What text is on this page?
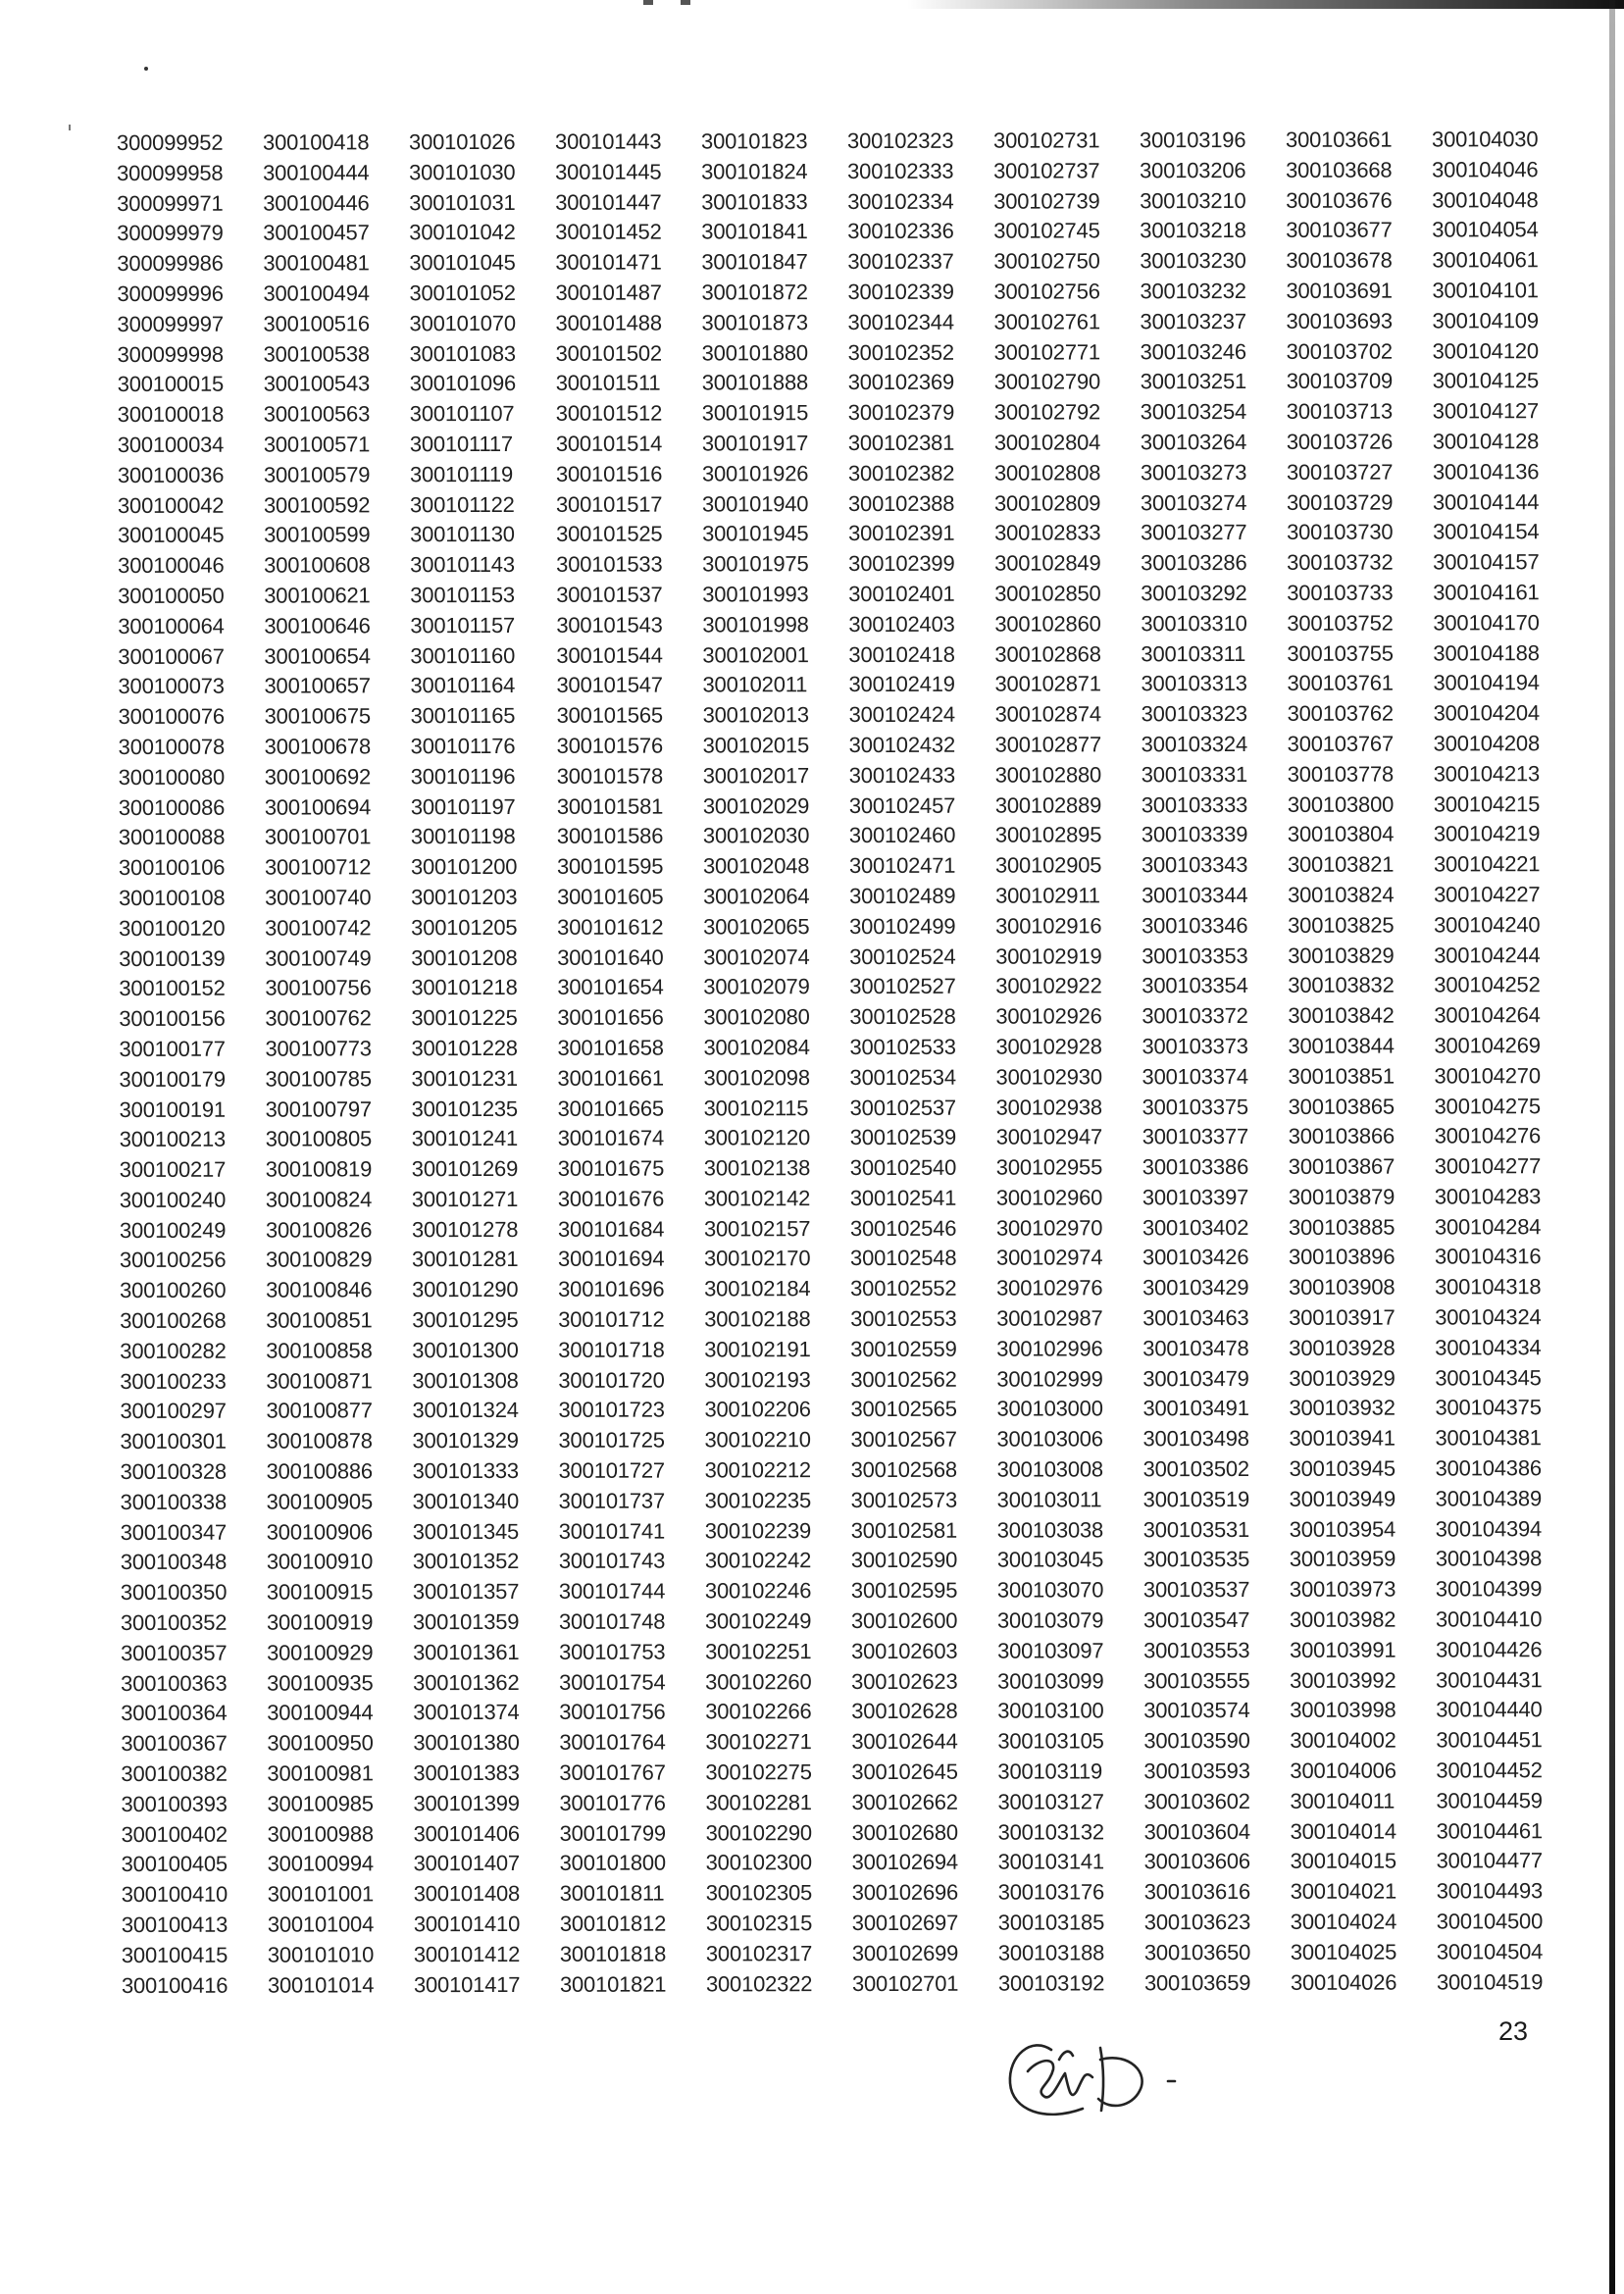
300099952
300099958
300099971
300099979
300099986
300099996
300099997
300099998
300100015
300100018
300100034
300100036
300100042
300100045
300100046
300100050
300100064
300100067
300100073
300100076
300100078
300100080
300100086
300100088
300100106
300100108
300100120
300100139
300100152
300100156
300100177
300100179
300100191
300100213
300100217
300100240
300100249
300100256
300100260
300100268
300100282
300100233
300100297
300100301
300100328
300100338
300100347
300100348
300100350
300100352
300100357
300100363
300100364
300100367
300100382
300100393
300100402
300100405
300100410
300100413
300100415
300100416
300100418
300100444
300100446
300100457
300100481
300100494
300100516
300100538
300100543
300100563
300100571
300100579
300100592
300100599
300100608
300100621
300100646
300100654
300100657
300100675
300100678
300100692
300100694
300100701
300100712
300100740
300100742
300100749
300100756
300100762
300100773
300100785
300100797
300100805
300100819
300100824
300100826
300100829
300100846
300100851
300100858
300100871
300100877
300100878
300100886
300100905
300100906
300100910
300100915
300100919
300100929
300100935
300100944
300100950
300100981
300100985
300100988
300100994
300101001
300101004
300101010
300101014
300101026
300101030
300101031
300101042
300101045
300101052
300101070
300101083
300101096
300101107
300101117
300101119
300101122
300101130
300101143
300101153
300101157
300101160
300101164
300101165
300101176
300101196
300101197
300101198
300101200
300101203
300101205
300101208
300101218
300101225
300101228
300101231
300101235
300101241
300101269
300101271
300101278
300101281
300101290
300101295
300101300
300101308
300101324
300101329
300101333
300101340
300101345
300101352
300101357
300101359
300101361
300101362
300101374
300101380
300101383
300101399
300101406
300101407
300101408
300101410
300101412
300101417
300101443
300101445
300101447
300101452
300101471
300101487
300101488
300101502
300101511
300101512
300101514
300101516
300101517
300101525
300101533
300101537
300101543
300101544
300101547
300101565
300101576
300101578
300101581
300101586
300101595
300101605
300101612
300101640
300101654
300101656
300101658
300101661
300101665
300101674
300101675
300101676
300101684
300101694
300101696
300101712
300101718
300101720
300101723
300101725
300101727
300101737
300101741
300101743
300101744
300101748
300101753
300101754
300101756
300101764
300101767
300101776
300101799
300101800
300101811
300101812
300101818
300101821
300101823
300101824
300101833
300101841
300101847
300101872
300101873
300101880
300101888
300101915
300101917
300101926
300101940
300101945
300101975
300101993
300101998
300102001
300102011
300102013
300102015
300102017
300102029
300102030
300102048
300102064
300102065
300102074
300102079
300102080
300102084
300102098
300102115
300102120
300102138
300102142
300102157
300102170
300102184
300102188
300102191
300102193
300102206
300102210
300102212
300102235
300102239
300102242
300102246
300102249
300102251
300102260
300102266
300102271
300102275
300102281
300102290
300102300
300102305
300102315
300102317
300102322
300102323
300102333
300102334
300102336
300102337
300102339
300102344
300102352
300102369
300102379
300102381
300102382
300102388
300102391
300102399
300102401
300102403
300102418
300102419
300102424
300102432
300102433
300102457
300102460
300102471
300102489
300102499
300102524
300102527
300102528
300102533
300102534
300102537
300102539
300102540
300102541
300102546
300102548
300102552
300102553
300102559
300102562
300102565
300102567
300102568
300102573
300102581
300102590
300102595
300102600
300102603
300102623
300102628
300102644
300102645
300102662
300102680
300102694
300102696
300102697
300102699
300102701
300102731
300102737
300102739
300102745
300102750
300102756
300102761
300102771
300102790
300102792
300102804
300102808
300102809
300102833
300102849
300102850
300102860
300102868
300102871
300102874
300102877
300102880
300102889
300102895
300102905
300102911
300102916
300102919
300102922
300102926
300102928
300102930
300102938
300102947
300102955
300102960
300102970
300102974
300102976
300102987
300102996
300102999
300103000
300103006
300103008
300103011
300103038
300103045
300103070
300103079
300103097
300103099
300103100
300103105
300103119
300103127
300103132
300103141
300103176
300103185
300103188
300103192
300103196
300103206
300103210
300103218
300103230
300103232
300103237
300103246
300103251
300103254
300103264
300103273
300103274
300103277
300103286
300103292
300103310
300103311
300103313
300103323
300103324
300103331
300103333
300103339
300103343
300103344
300103346
300103353
300103354
300103372
300103373
300103374
300103375
300103377
300103386
300103397
300103402
300103426
300103429
300103463
300103478
300103479
300103491
300103498
300103502
300103519
300103531
300103535
300103537
300103547
300103553
300103555
300103574
300103590
300103593
300103602
300103604
300103606
300103616
300103623
300103650
300103659
300103661
300103668
300103676
300103677
300103678
300103691
300103693
300103702
300103709
300103713
300103726
300103727
300103729
300103730
300103732
300103733
300103752
300103755
300103761
300103762
300103767
300103778
300103800
300103804
300103821
300103824
300103825
300103829
300103832
300103842
300103844
300103851
300103865
300103866
300103867
300103879
300103885
300103896
300103908
300103917
300103928
300103929
300103932
300103941
300103945
300103949
300103954
300103959
300103973
300103982
300103991
300103992
300103998
300104002
300104006
300104011
300104014
300104015
300104021
300104024
300104025
300104026
300104030
300104046
300104048
300104054
300104061
300104101
300104109
300104120
300104125
300104127
300104128
300104136
300104144
300104154
300104157
300104161
300104170
300104188
300104194
300104204
300104208
300104213
300104215
300104219
300104221
300104227
300104240
300104244
300104252
300104264
300104269
300104270
300104275
300104276
300104277
300104283
300104284
300104316
300104318
300104324
300104334
300104345
300104375
300104381
300104386
300104389
300104394
300104398
300104399
300104410
300104426
300104431
300104440
300104451
300104452
300104459
300104461
300104477
300104493
300104500
300104504
300104519
23
